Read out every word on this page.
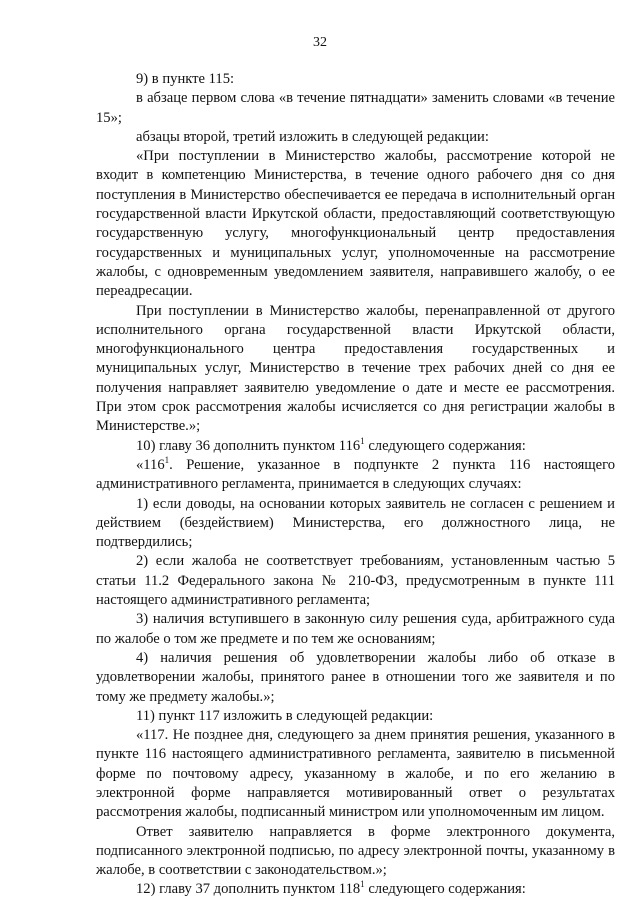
32

9) в пункте 115:

в абзаце первом слова «в течение пятнадцати» заменить словами «в течение 15»;

абзацы второй, третий изложить в следующей редакции:

«При поступлении в Министерство жалобы, рассмотрение которой не входит в компетенцию Министерства, в течение одного рабочего дня со дня поступления в Министерство обеспечивается ее передача в исполнительный орган государственной власти Иркутской области, предоставляющий соответствующую государственную услугу, многофункциональный центр предоставления государственных и муниципальных услуг, уполномоченные на рассмотрение жалобы, с одновременным уведомлением заявителя, направившего жалобу, о ее переадресации.

При поступлении в Министерство жалобы, перенаправленной от другого исполнительного органа государственной власти Иркутской области, многофункционального центра предоставления государственных и муниципальных услуг, Министерство в течение трех рабочих дней со дня ее получения направляет заявителю уведомление о дате и месте ее рассмотрения. При этом срок рассмотрения жалобы исчисляется со дня регистрации жалобы в Министерстве.»;

10) главу 36 дополнить пунктом $116^1$ следующего содержания:

«$116^1$. Решение, указанное в подпункте 2 пункта 116 настоящего административного регламента, принимается в следующих случаях:

1) если доводы, на основании которых заявитель не согласен с решением и действием (бездействием) Министерства, его должностного лица, не подтвердились;

2) если жалоба не соответствует требованиям, установленным частью 5 статьи 11.2 Федерального закона № 210-ФЗ, предусмотренным в пункте 111 настоящего административного регламента;

3) наличия вступившего в законную силу решения суда, арбитражного суда по жалобе о том же предмете и по тем же основаниям;

4) наличия решения об удовлетворении жалобы либо об отказе в удовлетворении жалобы, принятого ранее в отношении того же заявителя и по тому же предмету жалобы.»;

11) пункт 117 изложить в следующей редакции:

«117. Не позднее дня, следующего за днем принятия решения, указанного в пункте 116 настоящего административного регламента, заявителю в письменной форме по почтовому адресу, указанному в жалобе, и по его желанию в электронной форме направляется мотивированный ответ о результатах рассмотрения жалобы, подписанный министром или уполномоченным им лицом.

Ответ заявителю направляется в форме электронного документа, подписанного электронной подписью, по адресу электронной почты, указанному в жалобе, в соответствии с законодательством.»;

12) главу 37 дополнить пунктом $118^1$ следующего содержания:
